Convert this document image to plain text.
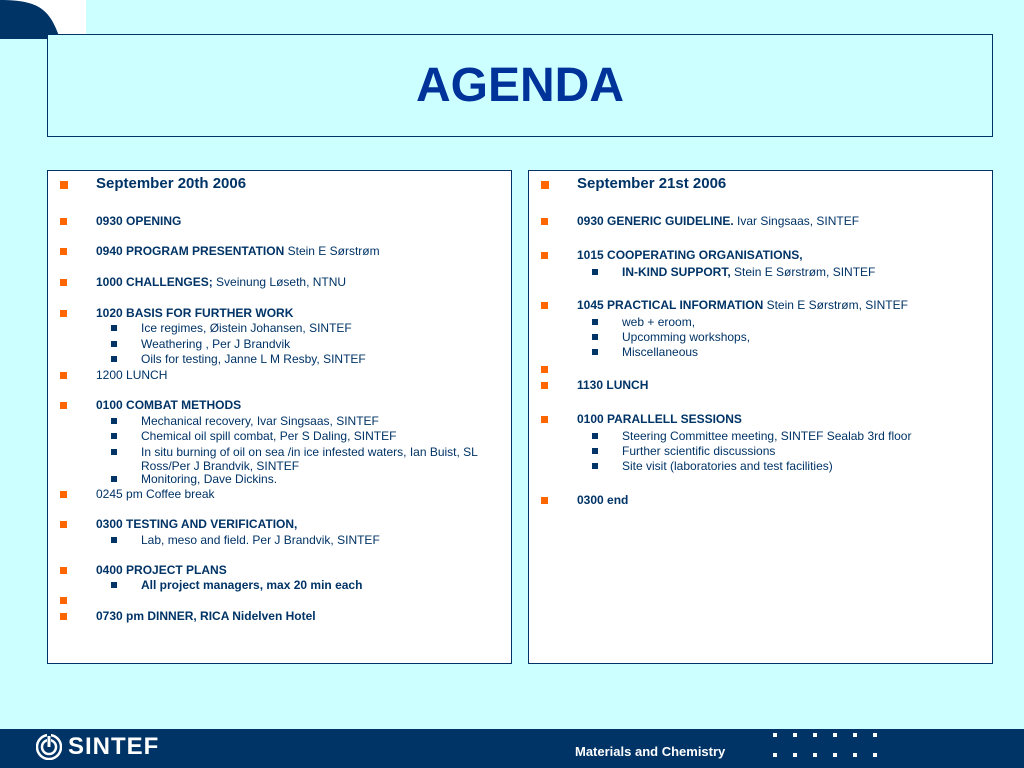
AGENDA
September 20th 2006
0930 OPENING
0940 PROGRAM PRESENTATION Stein E Sørstrøm
1000 CHALLENGES; Sveinung Løseth, NTNU
1020 BASIS FOR FURTHER WORK
Ice regimes, Øistein Johansen, SINTEF
Weathering , Per J Brandvik
Oils for testing, Janne L M Resby, SINTEF
1200 LUNCH
0100 COMBAT METHODS
Mechanical recovery, Ivar Singsaas, SINTEF
Chemical oil spill combat, Per S Daling, SINTEF
In situ burning of oil on sea /in ice infested waters, Ian Buist, SL Ross/Per J Brandvik, SINTEF
Monitoring, Dave Dickins.
0245 pm Coffee break
0300 TESTING AND VERIFICATION,
Lab, meso and field. Per J Brandvik, SINTEF
0400 PROJECT PLANS
All project managers, max 20 min each
0730 pm DINNER, RICA Nidelven Hotel
September 21st 2006
0930 GENERIC GUIDELINE. Ivar Singsaas, SINTEF
1015 COOPERATING ORGANISATIONS,
IN-KIND SUPPORT, Stein E Sørstrøm, SINTEF
1045 PRACTICAL INFORMATION Stein E Sørstrøm, SINTEF
web + eroom,
Upcomming workshops,
Miscellaneous
1130 LUNCH
0100 PARALLELL SESSIONS
Steering Committee meeting, SINTEF Sealab 3rd floor
Further scientific discussions
Site visit (laboratories and test facilities)
0300 end
SINTEF	Materials and Chemistry	2
